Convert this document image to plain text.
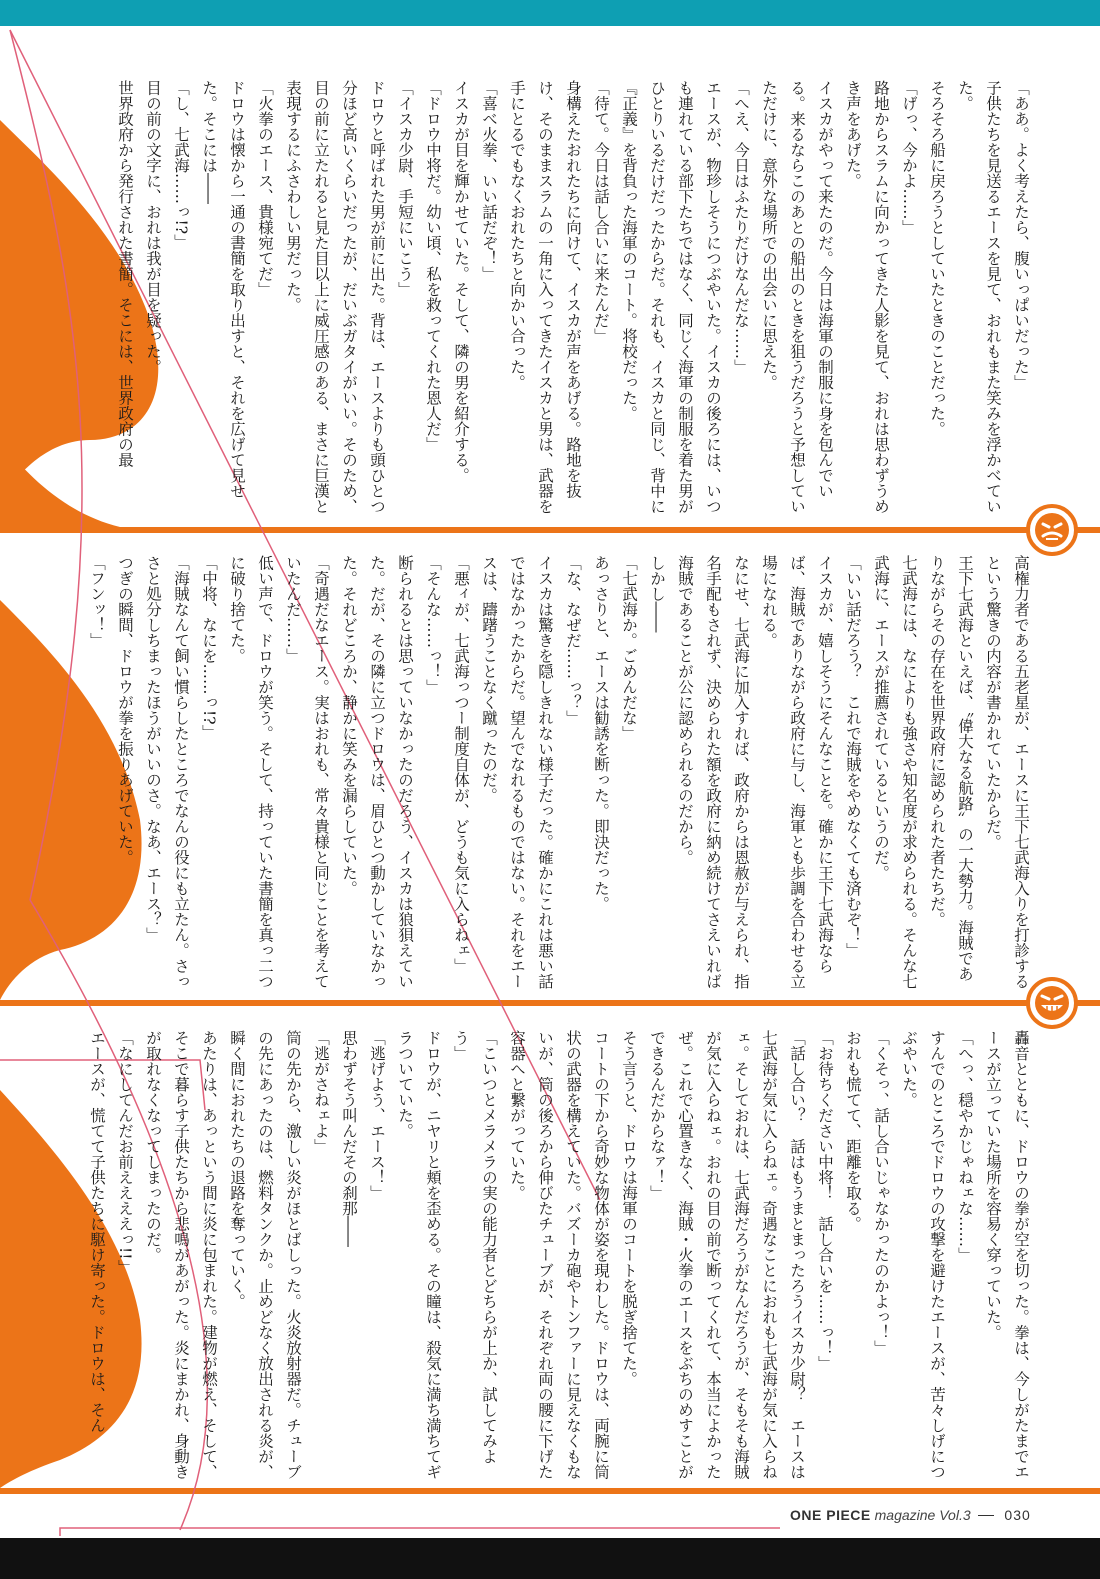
「ああ。よく考えたら、腹いっぱいだった」

子供たちを見送るエースを見て、おれもまた笑みを浮かべていた。

そろそろ船に戻ろうとしていたときのことだった。

「げっ、今かよ……」

路地からスラムに向かってきた人影を見て、おれは思わずうめき声をあげた。

イスカがやって来たのだ。今日は海軍の制服に身を包んでいる。来るならこのあとの船出のときを狙うだろうと予想していただけに、意外な場所での出会いに思えた。

「へえ、今日はふたりだけなんだな……」

エースが、物珍しそうにつぶやいた。イスカの後ろには、いつも連れている部下たちではなく、同じく海軍の制服を着た男がひとりいるだけだったからだ。それも、イスカと同じ、背中に『正義』を背負った海軍のコート。将校だった。

「待て。今日は話し合いに来たんだ」

身構えたおれたちに向けて、イスカが声をあげる。路地を抜け、そのままスラムの一角に入ってきたイスカと男は、武器を手にとるでもなくおれたちと向かい合った。

「喜べ火拳、いい話だぞ！」

イスカが目を輝かせていた。そして、隣の男を紹介する。

「ドロウ中将だ。幼い頃、私を救ってくれた恩人だ」

「イスカ少尉、手短にいこう」

ドロウと呼ばれた男が前に出た。背は、エースよりも頭ひとつ分ほど高いくらいだったが、だいぶガタイがいい。そのため、目の前に立たれると見た目以上に威圧感のある、まさに巨漢と表現するにふさわしい男だった。

「火拳のエース、貴様宛てだ」

ドロウは懐から一通の書簡を取り出すと、それを広げて見せた。そこには――

「し、七武海……っ!?」

目の前の文字に、おれは我が目を疑った。

世界政府から発行された書簡。そこには、世界政府の最

高権力者である五老星が、エースに王下七武海入りを打診するという驚きの内容が書かれていたからだ。

王下七武海といえば、〝偉大なる航路〟の一大勢力。海賊でありながらその存在を世界政府に認められた者たちだ。

七武海には、なによりも強さや知名度が求められる。そんな七武海に、エースが推薦されているというのだ。

「いい話だろう？　これで海賊をやめなくても済むぞ！」

イスカが、嬉しそうにそんなことを。確かに王下七武海ならば、海賊でありながら政府に与し、海軍とも歩調を合わせる立場になれる。

なにせ、七武海に加入すれば、政府からは恩赦が与えられ、指名手配もされず、決められた額を政府に納め続けてさえいれば海賊であることが公に認められるのだから。

しかし――

「七武海か。ごめんだな」

あっさりと、エースは勧誘を断った。即決だった。

「な、なぜだ……っ？」

イスカは驚きを隠しきれない様子だった。確かにこれは悪い話ではなかったからだ。望んでなれるものではない。それをエースは、躊躇うことなく蹴ったのだ。

「悪ィが、七武海っつー制度自体が、どうも気に入らねェ」

「そんな……っ！」

断られるとは思っていなかったのだろう、イスカは狼狽えていた。だが、その隣に立つドロウは、眉ひとつ動かしていなかった。それどころか、静かに笑みを漏らしていた。

「奇遇だなエース。実はおれも、常々貴様と同じことを考えていたんだ……」

低い声で、ドロウが笑う。そして、持っていた書簡を真っ二つに破り捨てた。

「中将、なにを……っ!?」

「海賊なんて飼い慣らしたところでなんの役にも立たん。さっさと処分しちまったほうがいいのさ。なあ、エース？」

つぎの瞬間、ドロウが拳を振りあげていた。

「フンッ！」

轟音とともに、ドロウの拳が空を切った。拳は、今しがたまでエースが立っていた場所を容易く穿っていた。

「へっ、穏やかじゃねェな……」

すんでのところでドロウの攻撃を避けたエースが、苦々しげにつぶやいた。

「くそっ、話し合いじゃなかったのかよっ！」

おれも慌てて、距離を取る。

「お待ちください中将！　話し合いを……っ！」

「話し合い？　話はもうまとまったろうイスカ少尉？　エースは七武海が気に入らねェ。奇遇なことにおれも七武海が気に入らねェ。そしておれは、七武海だろうがなんだろうが、そもそも海賊が気に入らねェ。おれの目の前で断ってくれて、本当によかったぜ。これで心置きなく、海賊・火拳のエースをぶちのめすことができるんだからなァ！」

そう言うと、ドロウは海軍のコートを脱ぎ捨てた。

コートの下から奇妙な物体が姿を現わした。ドロウは、両腕に筒状の武器を構えていた。バズーカ砲やトンファーに見えなくもないが、筒の後ろから伸びたチューブが、それぞれ両の腰に下げた容器へと繋がっていた。

「こいつとメラメラの実の能力者とどちらが上か、試してみよう」

ドロウが、ニヤリと頬を歪める。その瞳は、殺気に満ち満ちてギラついていた。

「逃げよう、エース！」

思わずそう叫んだその刹那――

「逃がさねェよ」

筒の先から、激しい炎がほとばしった。火炎放射器だ。チューブの先にあったのは、燃料タンクか。止めどなく放出される炎が、瞬く間におれたちの退路を奪っていく。

あたりは、あっという間に炎に包まれた。建物が燃え、そして、そこで暮らす子供たちから悲鳴があがった。炎にまかれ、身動きが取れなくなってしまったのだ。

「なにしてんだお前ええええっ!!」

エースが、慌てて子供たちに駆け寄った。ドロウは、そん

ONE PIECE magazine Vol.3 030
